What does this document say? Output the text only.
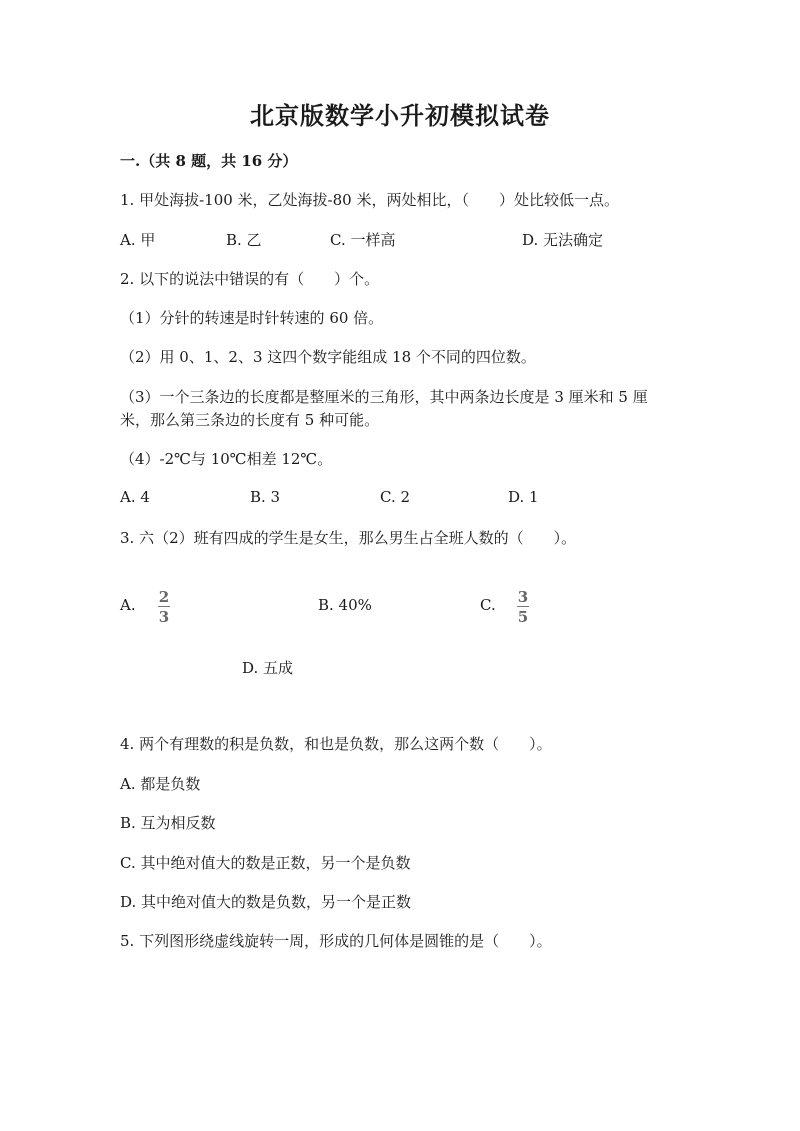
北京版数学小升初模拟试卷
一.（共 8 题，共 16 分）
1. 甲处海拔-100 米，乙处海拔-80 米，两处相比，（　　）处比较低一点。
A. 甲	B. 乙	C. 一样高	D. 无法确定
2. 以下的说法中错误的有（　　）个。
（1）分针的转速是时针转速的 60 倍。
（2）用 0、1、2、3 这四个数字能组成 18 个不同的四位数。
（3）一个三条边的长度都是整厘米的三角形，其中两条边长度是 3 厘米和 5 厘
米，那么第三条边的长度有 5 种可能。
（4）-2℃与 10℃相差 12℃。
A. 4	B. 3	C. 2	D. 1
3. 六（2）班有四成的学生是女生，那么男生占全班人数的（　　）。
A. 2
3
B. 40%	C. 3
5
D. 五成
4. 两个有理数的积是负数，和也是负数，那么这两个数（　　）。
A. 都是负数
B. 互为相反数
C. 其中绝对值大的数是正数，另一个是负数
D. 其中绝对值大的数是负数，另一个是正数
5. 下列图形绕虚线旋转一周，形成的几何体是圆锥的是（　　）。
